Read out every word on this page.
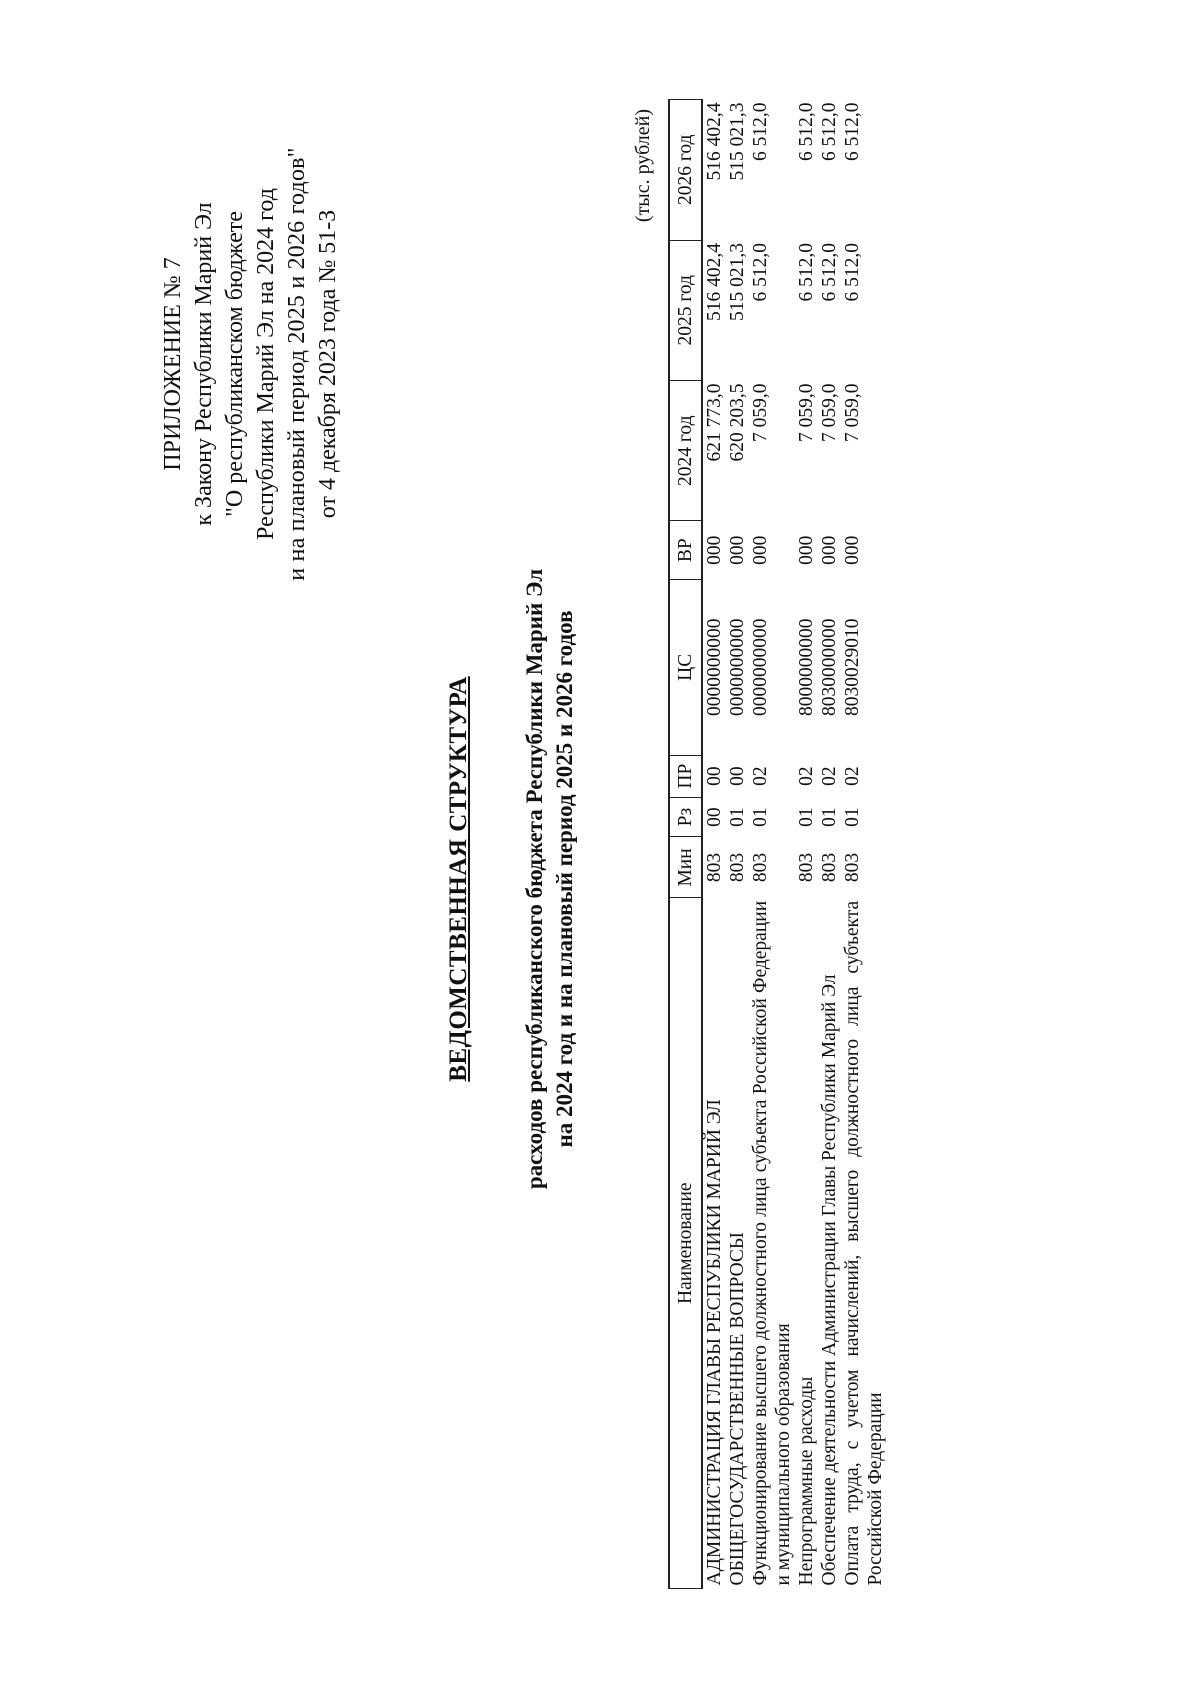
ПРИЛОЖЕНИЕ № 7 к Закону Республики Марий Эл "О республиканском бюджете Республики Марий Эл на 2024 год и на плановый период 2025 и 2026 годов" от 4 декабря 2023 года № 51-З
ВЕДОМСТВЕННАЯ СТРУКТУРА расходов республиканского бюджета Республики Марий Эл на 2024 год и на плановый период 2025 и 2026 годов
(тыс. рублей)
Наименование	Мин	Рз	ПР	ЦС	ВР	2024 год	2025 год	2026 год
АДМИНИСТРАЦИЯ ГЛАВЫ РЕСПУБЛИКИ МАРИЙ ЭЛ	803	00	00	0000000000	000	621 773,0	516 402,4	516 402,4
ОБЩЕГОСУДАРСТВЕННЫЕ ВОПРОСЫ	803	01	00	0000000000	000	620 203,5	515 021,3	515 021,3
Функционирование высшего должностного лица субъекта Российской Федерации и муниципального образования	803	01	02	0000000000	000	7 059,0	6 512,0	6 512,0
Непрограммные расходы	803	01	02	8000000000	000	7 059,0	6 512,0	6 512,0
Обеспечение деятельности Администрации Главы Республики Марий Эл	803	01	02	8030000000	000	7 059,0	6 512,0	6 512,0
Оплата труда, с учетом начислений, высшего должностного лица субъекта Российской Федерации	803	01	02	8030029010	000	7 059,0	6 512,0	6 512,0
